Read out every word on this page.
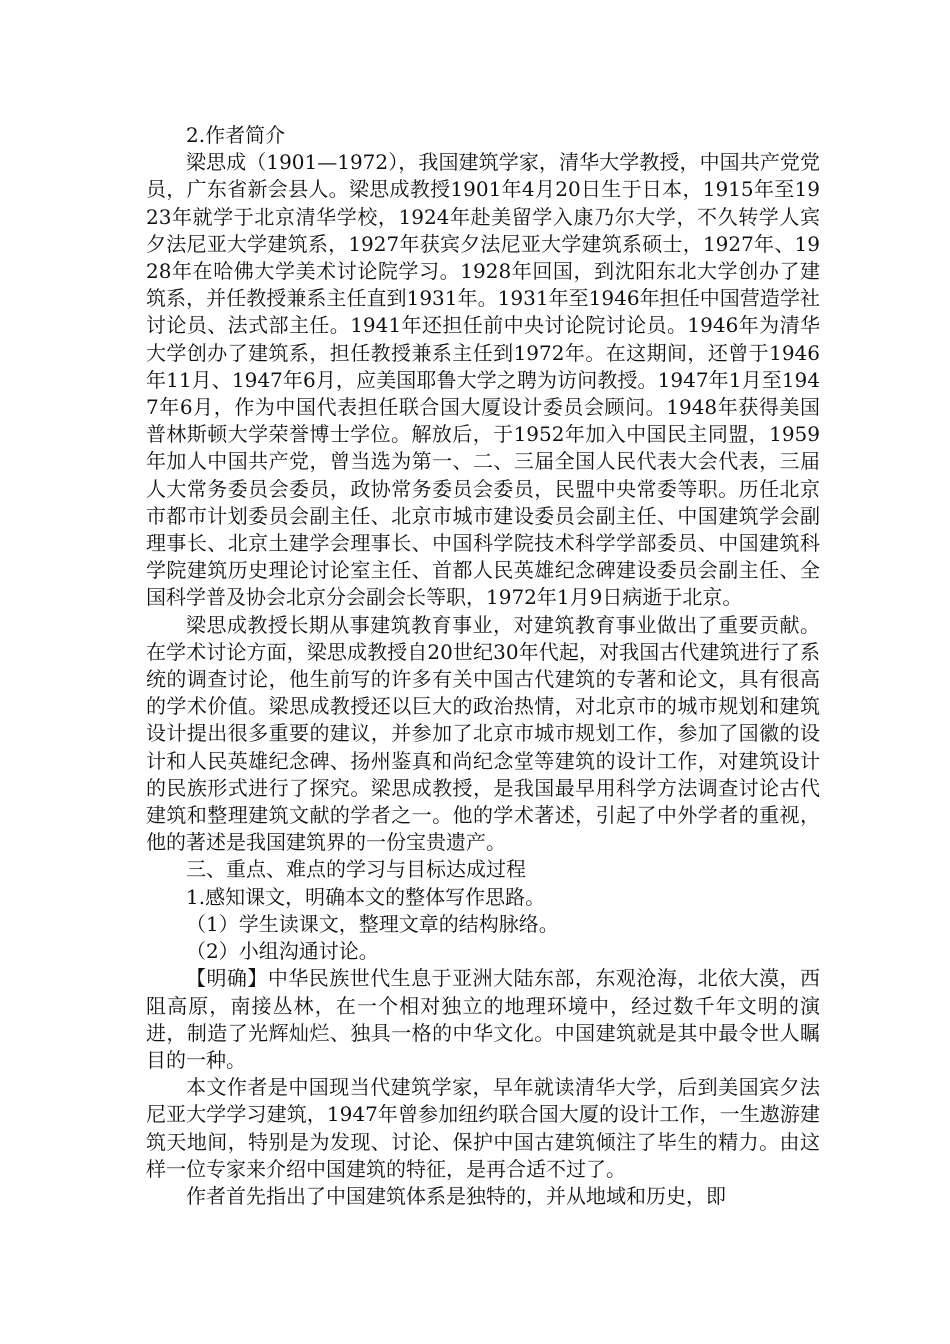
2.作者简介

梁思成（1901—1972），我国建筑学家，清华大学教授，中国共产党党员，广东省新会县人。梁思成教授1901年4月20日生于日本，1915年至1923年就学于北京清华学校，1924年赴美留学入康乃尔大学，不久转学人宾夕法尼亚大学建筑系，1927年获宾夕法尼亚大学建筑系硕士，1927年、1928年在哈佛大学美术讨论院学习。1928年回国，到沈阳东北大学创办了建筑系，并任教授兼系主任直到1931年。1931年至1946年担任中国营造学社讨论员、法式部主任。1941年还担任前中央讨论院讨论员。1946年为清华大学创办了建筑系，担任教授兼系主任到1972年。在这期间，还曾于1946年11月、1947年6月，应美国耶鲁大学之聘为访问教授。1947年1月至1947年6月，作为中国代表担任联合国大厦设计委员会顾问。1948年获得美国普林斯顿大学荣誉博士学位。解放后，于1952年加入中国民主同盟，1959年加人中国共产党，曾当选为第一、二、三届全国人民代表大会代表，三届人大常务委员会委员，政协常务委员会委员，民盟中央常委等职。历任北京市都市计划委员会副主任、北京市城市建设委员会副主任、中国建筑学会副理事长、北京土建学会理事长、中国科学院技术科学学部委员、中国建筑科学院建筑历史理论讨论室主任、首都人民英雄纪念碑建设委员会副主任、全国科学普及协会北京分会副会长等职，1972年1月9日病逝于北京。

梁思成教授长期从事建筑教育事业，对建筑教育事业做出了重要贡献。在学术讨论方面，梁思成教授自20世纪30年代起，对我国古代建筑进行了系统的调查讨论，他生前写的许多有关中国古代建筑的专著和论文，具有很高的学术价值。梁思成教授还以巨大的政治热情，对北京市的城市规划和建筑设计提出很多重要的建议，并参加了北京市城市规划工作，参加了国徽的设计和人民英雄纪念碑、扬州鉴真和尚纪念堂等建筑的设计工作，对建筑设计的民族形式进行了探究。梁思成教授，是我国最早用科学方法调查讨论古代建筑和整理建筑文献的学者之一。他的学术著述，引起了中外学者的重视，他的著述是我国建筑界的一份宝贵遗产。

三、重点、难点的学习与目标达成过程

1.感知课文，明确本文的整体写作思路。

（1）学生读课文，整理文章的结构脉络。

（2）小组沟通讨论。

【明确】中华民族世代生息于亚洲大陆东部，东观沧海，北依大漠，西阻高原，南接丛林，在一个相对独立的地理环境中，经过数千年文明的演进，制造了光辉灿烂、独具一格的中华文化。中国建筑就是其中最令世人瞩目的一种。

本文作者是中国现当代建筑学家，早年就读清华大学，后到美国宾夕法尼亚大学学习建筑，1947年曾参加纽约联合国大厦的设计工作，一生遨游建筑天地间，特别是为发现、讨论、保护中国古建筑倾注了毕生的精力。由这样一位专家来介绍中国建筑的特征，是再合适不过了。

作者首先指出了中国建筑体系是独特的，并从地域和历史，即
